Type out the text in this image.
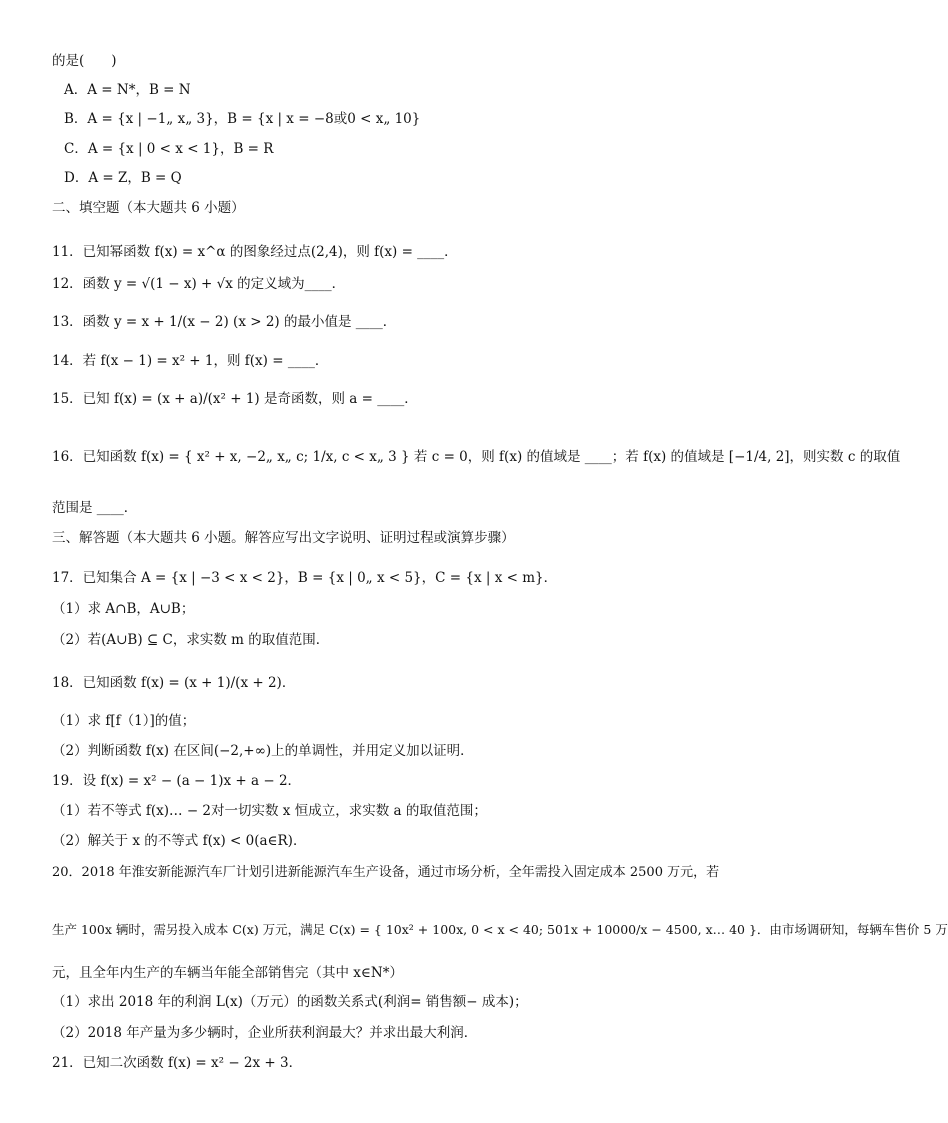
的是(　　)
A．A = N*，B = N
B．A = {x | −1„ x„ 3}，B = {x | x = −8或0 < x„ 10}
C．A = {x | 0 < x < 1}，B = R
D．A = Z，B = Q
二、填空题（本大题共 6 小题）
11．已知幂函数 f(x) = x^α 的图象经过点(2,4)，则 f(x) = ____．
12．函数 y = √(1 − x) + √x 的定义域为____．
13．函数 y = x + 1/(x − 2) (x > 2) 的最小值是 ____．
14．若 f(x − 1) = x² + 1，则 f(x) = ____．
15．已知 f(x) = (x + a)/(x² + 1) 是奇函数，则 a = ____．
16．已知函数 f(x) = { x² + x, −2„ x„ c; 1/x, c < x„ 3 } 若 c = 0，则 f(x) 的值域是 ____；若 f(x) 的值域是 [−1/4, 2]，则实数 c 的取值
范围是 ____．
三、解答题（本大题共 6 小题。解答应写出文字说明、证明过程或演算步骤）
17．已知集合 A = {x | −3 < x < 2}，B = {x | 0„ x < 5}，C = {x | x < m}．
（1）求 A∩B，A∪B；
（2）若(A∪B) ⊆ C，求实数 m 的取值范围．
18．已知函数 f(x) = (x + 1)/(x + 2)．
（1）求 f[f（1）]的值；
（2）判断函数 f(x) 在区间(−2,+∞)上的单调性，并用定义加以证明．
19．设 f(x) = x² − (a − 1)x + a − 2．
（1）若不等式 f(x)… − 2对一切实数 x 恒成立，求实数 a 的取值范围；
（2）解关于 x 的不等式 f(x) < 0(a∈R)．
20．2018 年淮安新能源汽车厂计划引进新能源汽车生产设备，通过市场分析，全年需投入固定成本 2500 万元，若
生产 100x 辆时，需另投入成本 C(x) 万元，满足 C(x) = { 10x² + 100x, 0 < x < 40; 501x + 10000/x − 4500, x… 40 }．由市场调研知，每辆车售价 5 万
元，且全年内生产的车辆当年能全部销售完（其中 x∈N*）
（1）求出 2018 年的利润 L(x)（万元）的函数关系式(利润= 销售额− 成本)；
（2）2018 年产量为多少辆时，企业所获利润最大？并求出最大利润．
21．已知二次函数 f(x) = x² − 2x + 3．
